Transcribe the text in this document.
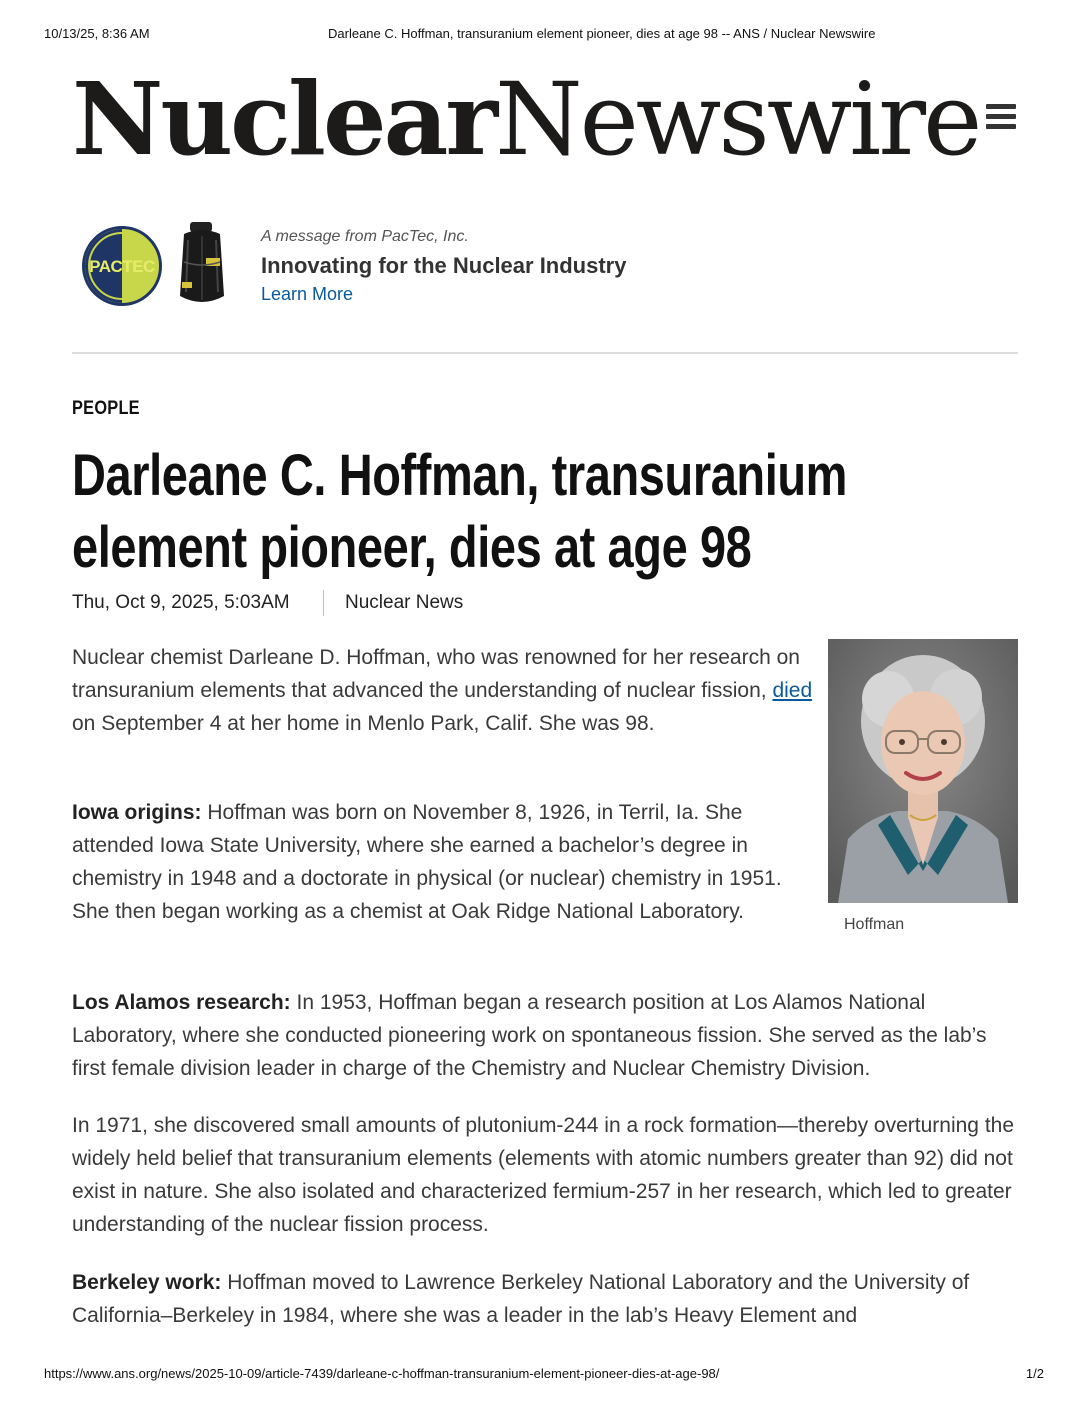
10/13/25, 8:36 AM	Darleane C. Hoffman, transuranium element pioneer, dies at age 98 -- ANS / Nuclear Newswire
NuclearNewswire
PACTEC
A message from PacTec, Inc.
Innovating for the Nuclear Industry
Learn More
PEOPLE
Darleane C. Hoffman, transuranium element pioneer, dies at age 98
Thu, Oct 9, 2025, 5:03AM	Nuclear News
Hoffman

Nuclear chemist Darleane D. Hoffman, who was renowned for her research on transuranium elements that advanced the understanding of nuclear fission, died on September 4 at her home in Menlo Park, Calif. She was 98.

Iowa origins: Hoffman was born on November 8, 1926, in Terril, Ia. She attended Iowa State University, where she earned a bachelor’s degree in chemistry in 1948 and a doctorate in physical (or nuclear) chemistry in 1951. She then began working as a chemist at Oak Ridge National Laboratory.

Los Alamos research: In 1953, Hoffman began a research position at Los Alamos National Laboratory, where she conducted pioneering work on spontaneous fission. She served as the lab’s first female division leader in charge of the Chemistry and Nuclear Chemistry Division.

In 1971, she discovered small amounts of plutonium-244 in a rock formation—thereby overturning the widely held belief that transuranium elements (elements with atomic numbers greater than 92) did not exist in nature. She also isolated and characterized fermium-257 in her research, which led to greater understanding of the nuclear fission process.

Berkeley work: Hoffman moved to Lawrence Berkeley National Laboratory and the University of California–Berkeley in 1984, where she was a leader in the lab’s Heavy Element and

https://www.ans.org/news/2025-10-09/article-7439/darleane-c-hoffman-transuranium-element-pioneer-dies-at-age-98/	1/2
